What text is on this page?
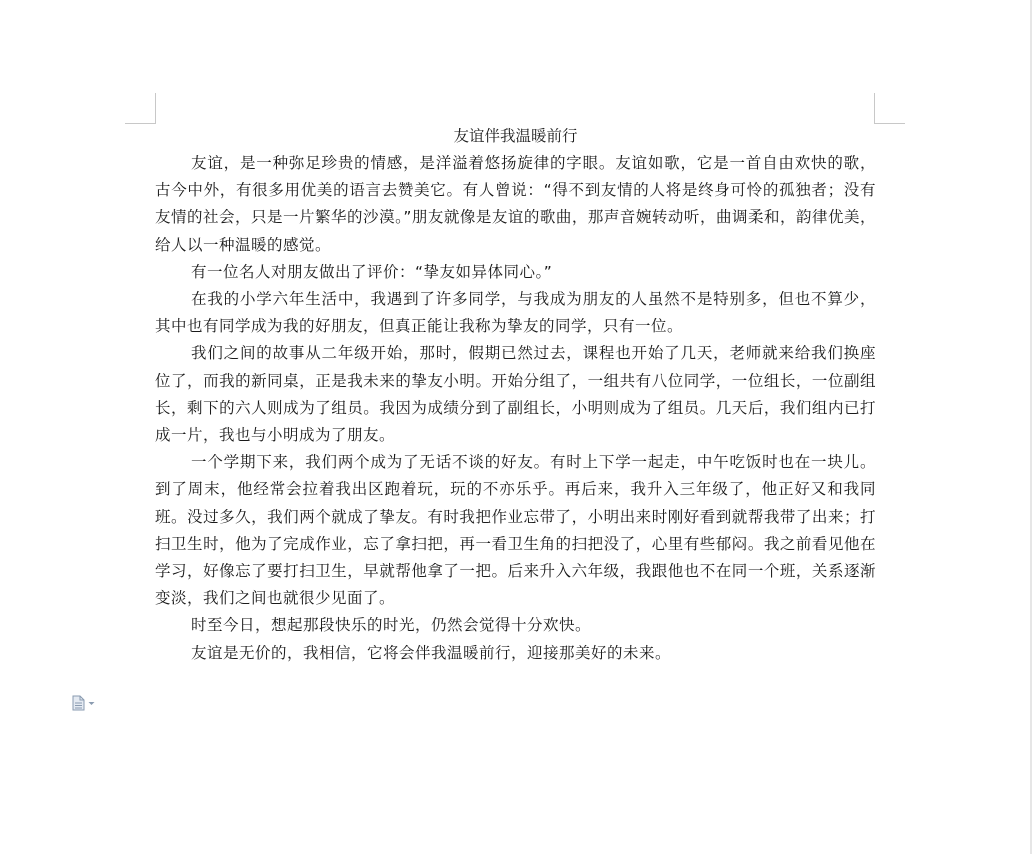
友谊伴我温暖前行

友谊，是一种弥足珍贵的情感，是洋溢着悠扬旋律的字眼。友谊如歌，它是一首自由欢快的歌，古今中外，有很多用优美的语言去赞美它。有人曾说：“得不到友情的人将是终身可怜的孤独者；没有友情的社会，只是一片繁华的沙漠。”朋友就像是友谊的歌曲，那声音婉转动听，曲调柔和，韵律优美，给人以一种温暖的感觉。

有一位名人对朋友做出了评价：“挚友如异体同心。”

在我的小学六年生活中，我遇到了许多同学，与我成为朋友的人虽然不是特别多，但也不算少，其中也有同学成为我的好朋友，但真正能让我称为挚友的同学，只有一位。

我们之间的故事从二年级开始，那时，假期已然过去，课程也开始了几天，老师就来给我们换座位了，而我的新同桌，正是我未来的挚友小明。开始分组了，一组共有八位同学，一位组长，一位副组长，剩下的六人则成为了组员。我因为成绩分到了副组长，小明则成为了组员。几天后，我们组内已打成一片，我也与小明成为了朋友。

一个学期下来，我们两个成为了无话不谈的好友。有时上下学一起走，中午吃饭时也在一块儿。到了周末，他经常会拉着我出区跑着玩，玩的不亦乐乎。再后来，我升入三年级了，他正好又和我同班。没过多久，我们两个就成了挚友。有时我把作业忘带了，小明出来时刚好看到就帮我带了出来；打扫卫生时，他为了完成作业，忘了拿扫把，再一看卫生角的扫把没了，心里有些郁闷。我之前看见他在学习，好像忘了要打扫卫生，早就帮他拿了一把。后来升入六年级，我跟他也不在同一个班，关系逐渐变淡，我们之间也就很少见面了。

时至今日，想起那段快乐的时光，仍然会觉得十分欢快。

友谊是无价的，我相信，它将会伴我温暖前行，迎接那美好的未来。
